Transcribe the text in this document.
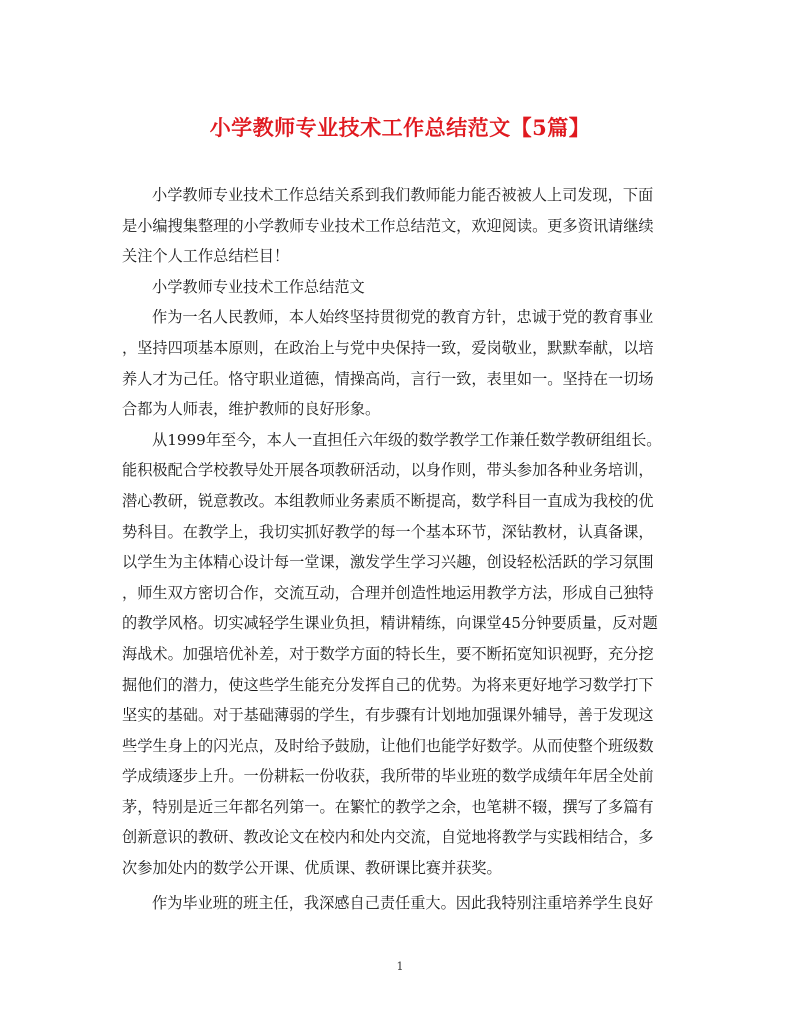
小学教师专业技术工作总结范文【5篇】
小学教师专业技术工作总结关系到我们教师能力能否被被人上司发现，下面
是小编搜集整理的小学教师专业技术工作总结范文，欢迎阅读。更多资讯请继续
关注个人工作总结栏目！
小学教师专业技术工作总结范文
作为一名人民教师，本人始终坚持贯彻党的教育方针，忠诚于党的教育事业
，坚持四项基本原则，在政治上与党中央保持一致，爱岗敬业，默默奉献，以培
养人才为己任。恪守职业道德，情操高尚，言行一致，表里如一。坚持在一切场
合都为人师表，维护教师的良好形象。
从1999年至今，本人一直担任六年级的数学教学工作兼任数学教研组组长。
能积极配合学校教导处开展各项教研活动，以身作则，带头参加各种业务培训，
潜心教研，锐意教改。本组教师业务素质不断提高，数学科目一直成为我校的优
势科目。在教学上，我切实抓好教学的每一个基本环节，深钻教材，认真备课，
以学生为主体精心设计每一堂课，激发学生学习兴趣，创设轻松活跃的学习氛围
，师生双方密切合作，交流互动，合理并创造性地运用教学方法，形成自己独特
的教学风格。切实减轻学生课业负担，精讲精练，向课堂45分钟要质量，反对题
海战术。加强培优补差，对于数学方面的特长生，要不断拓宽知识视野，充分挖
掘他们的潜力，使这些学生能充分发挥自己的优势。为将来更好地学习数学打下
坚实的基础。对于基础薄弱的学生，有步骤有计划地加强课外辅导，善于发现这
些学生身上的闪光点，及时给予鼓励，让他们也能学好数学。从而使整个班级数
学成绩逐步上升。一份耕耘一份收获，我所带的毕业班的数学成绩年年居全处前
茅，特别是近三年都名列第一。在繁忙的教学之余，也笔耕不辍，撰写了多篇有
创新意识的教研、教改论文在校内和处内交流，自觉地将教学与实践相结合，多
次参加处内的数学公开课、优质课、教研课比赛并获奖。
作为毕业班的班主任，我深感自己责任重大。因此我特别注重培养学生良好
1
